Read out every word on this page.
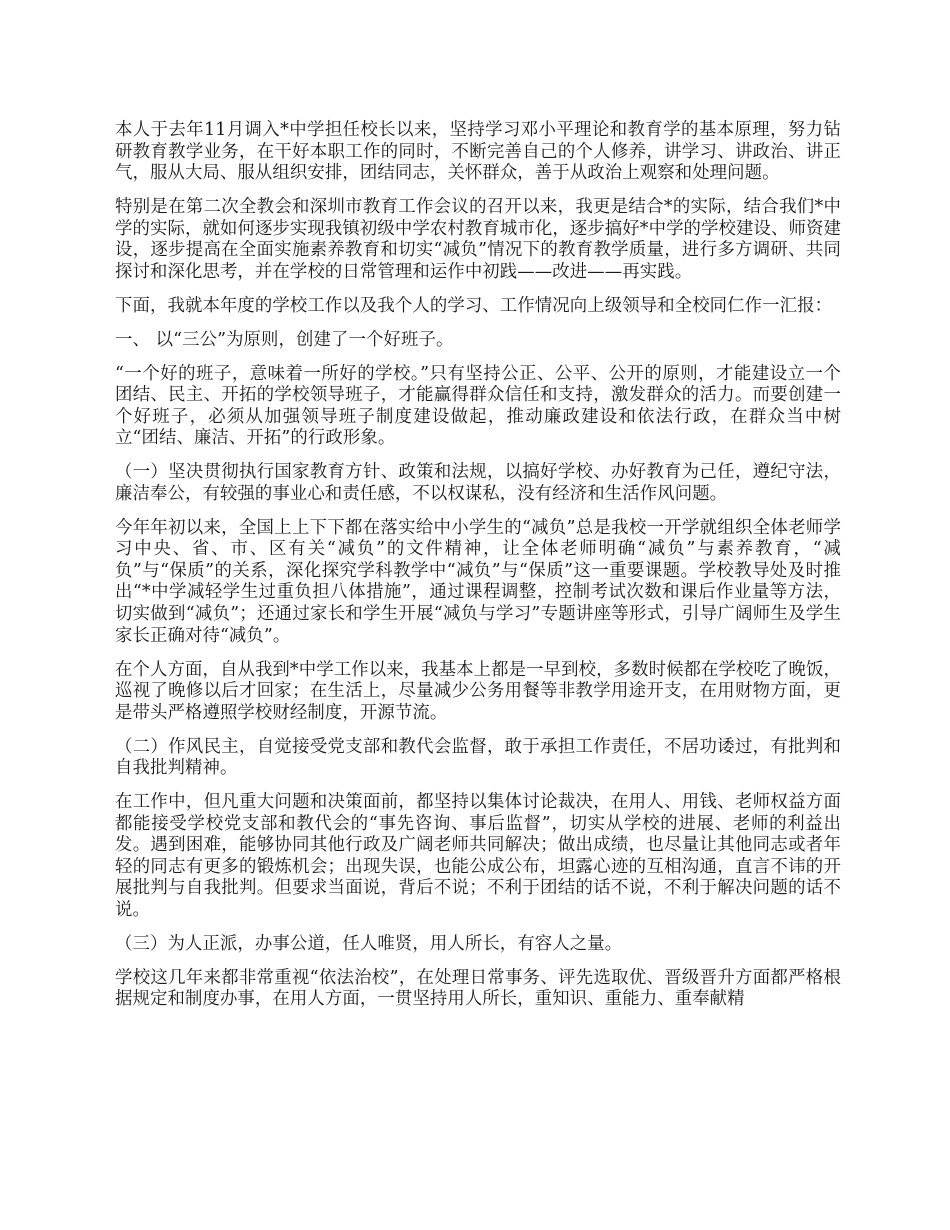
本人于去年11月调入*中学担任校长以来，坚持学习邓小平理论和教育学的基本原理，努力钻研教育教学业务，在干好本职工作的同时，不断完善自己的个人修养，讲学习、讲政治、讲正气，服从大局、服从组织安排，团结同志，关怀群众，善于从政治上观察和处理问题。

特别是在第二次全教会和深圳市教育工作会议的召开以来，我更是结合*的实际，结合我们*中学的实际，就如何逐步实现我镇初级中学农村教育城市化，逐步搞好*中学的学校建设、师资建设，逐步提高在全面实施素养教育和切实“减负”情况下的教育教学质量，进行多方调研、共同探讨和深化思考，并在学校的日常管理和运作中初践——改进——再实践。

下面，我就本年度的学校工作以及我个人的学习、工作情况向上级领导和全校同仁作一汇报：

一、 以“三公”为原则，创建了一个好班子。

“一个好的班子，意味着一所好的学校。”只有坚持公正、公平、公开的原则，才能建设立一个团结、民主、开拓的学校领导班子，才能赢得群众信任和支持，激发群众的活力。而要创建一个好班子，必须从加强领导班子制度建设做起，推动廉政建设和依法行政，在群众当中树立“团结、廉洁、开拓”的行政形象。

（一）坚决贯彻执行国家教育方针、政策和法规，以搞好学校、办好教育为己任，遵纪守法，廉洁奉公，有较强的事业心和责任感，不以权谋私，没有经济和生活作风问题。

今年年初以来，全国上上下下都在落实给中小学生的“减负”总是我校一开学就组织全体老师学习中央、省、市、区有关“减负”的文件精神，让全体老师明确“减负”与素养教育，“减负”与“保质”的关系，深化探究学科教学中“减负”与“保质”这一重要课题。学校教导处及时推出“*中学减轻学生过重负担八体措施”，通过课程调整，控制考试次数和课后作业量等方法，切实做到“减负”；还通过家长和学生开展“减负与学习”专题讲座等形式，引导广阔师生及学生家长正确对待“减负”。

在个人方面，自从我到*中学工作以来，我基本上都是一早到校，多数时候都在学校吃了晚饭，巡视了晚修以后才回家；在生活上，尽量减少公务用餐等非教学用途开支，在用财物方面，更是带头严格遵照学校财经制度，开源节流。

（二）作风民主，自觉接受党支部和教代会监督，敢于承担工作责任，不居功诿过，有批判和自我批判精神。

在工作中，但凡重大问题和决策面前，都坚持以集体讨论裁决，在用人、用钱、老师权益方面都能接受学校党支部和教代会的“事先咨询、事后监督”，切实从学校的进展、老师的利益出发。遇到困难，能够协同其他行政及广阔老师共同解决；做出成绩，也尽量让其他同志或者年轻的同志有更多的锻炼机会；出现失误，也能公成公布，坦露心迹的互相沟通，直言不讳的开展批判与自我批判。但要求当面说，背后不说；不利于团结的话不说，不利于解决问题的话不说。

（三）为人正派，办事公道，任人唯贤，用人所长，有容人之量。

学校这几年来都非常重视“依法治校”，在处理日常事务、评先选取优、晋级晋升方面都严格根据规定和制度办事，在用人方面，一贯坚持用人所长，重知识、重能力、重奉献精
